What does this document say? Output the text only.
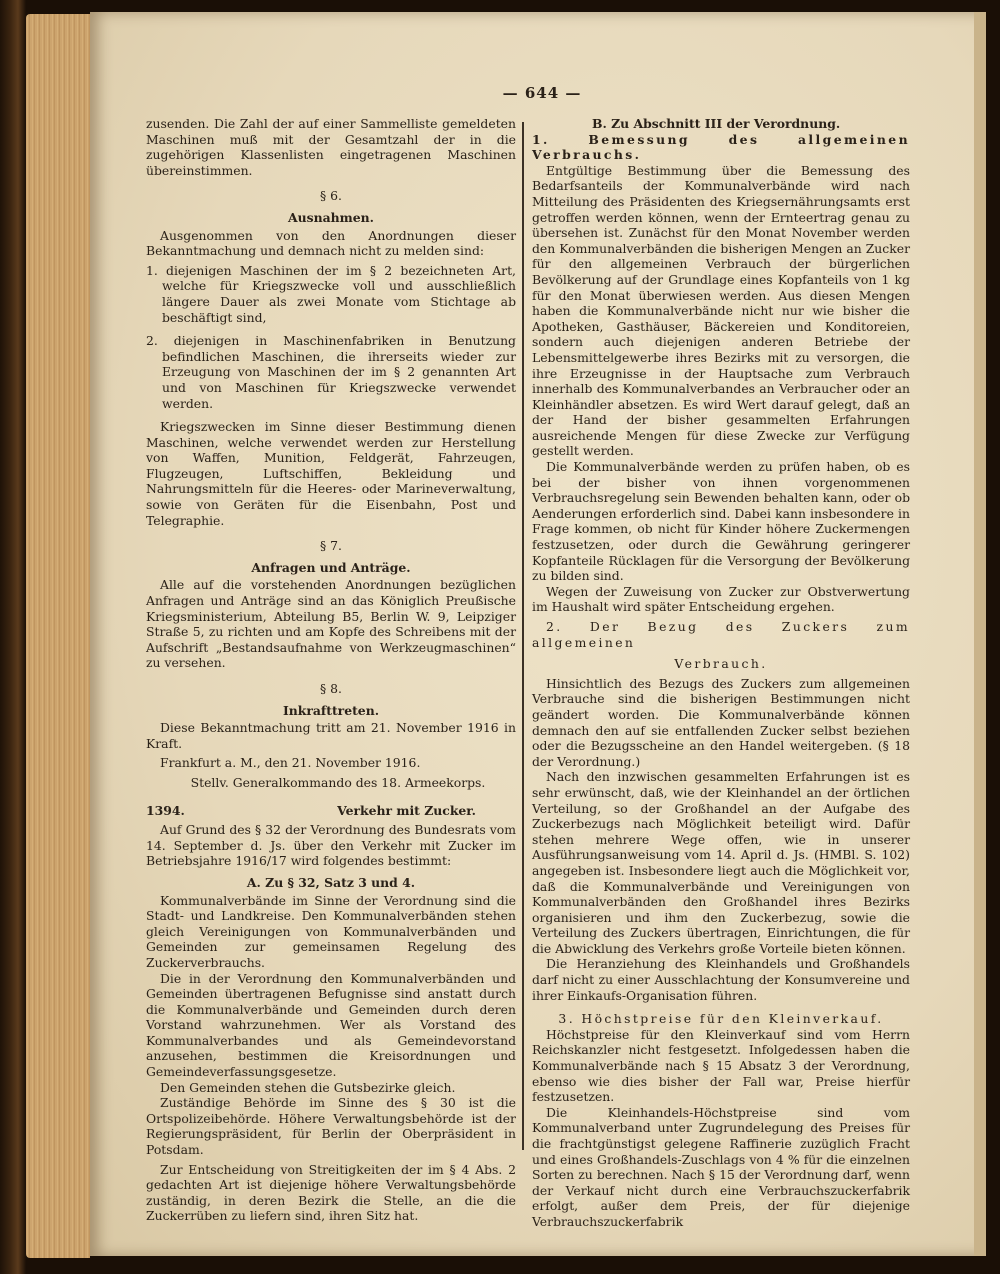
— 644 —

zusenden. Die Zahl der auf einer Sammelliste gemeldeten Maschinen muß mit der Gesamtzahl der in die zugehörigen Klassenlisten eingetragenen Maschinen übereinstimmen.

§ 6.

Ausnahmen.

Ausgenommen von den Anordnungen dieser Bekanntmachung und demnach nicht zu melden sind:

1. diejenigen Maschinen der im § 2 bezeichneten Art, welche für Kriegszwecke voll und ausschließlich längere Dauer als zwei Monate vom Stichtage ab beschäftigt sind,

2. diejenigen in Maschinenfabriken in Benutzung befindlichen Maschinen, die ihrerseits wieder zur Erzeugung von Maschinen der im § 2 genannten Art und von Maschinen für Kriegszwecke verwendet werden.

Kriegszwecken im Sinne dieser Bestimmung dienen Maschinen, welche verwendet werden zur Herstellung von Waffen, Munition, Feldgerät, Fahrzeugen, Flugzeugen, Luftschiffen, Bekleidung und Nahrungsmitteln für die Heeres- oder Marineverwaltung, sowie von Geräten für die Eisenbahn, Post und Telegraphie.

§ 7.

Anfragen und Anträge.

Alle auf die vorstehenden Anordnungen bezüglichen Anfragen und Anträge sind an das Königlich Preußische Kriegsministerium, Abteilung B5, Berlin W. 9, Leipziger Straße 5, zu richten und am Kopfe des Schreibens mit der Aufschrift „Bestandsaufnahme von Werkzeugmaschinen“ zu versehen.

§ 8.

Inkrafttreten.

Diese Bekanntmachung tritt am 21. November 1916 in Kraft.

Frankfurt a. M., den 21. November 1916.

Stellv. Generalkommando des 18. Armeekorps.

1394.	Verkehr mit Zucker.

Auf Grund des § 32 der Verordnung des Bundesrats vom 14. September d. Js. über den Verkehr mit Zucker im Betriebsjahre 1916/17 wird folgendes bestimmt:

A. Zu § 32, Satz 3 und 4.

Kommunalverbände im Sinne der Verordnung sind die Stadt- und Landkreise. Den Kommunalverbänden stehen gleich Vereinigungen von Kommunalverbänden und Gemeinden zur gemeinsamen Regelung des Zuckerverbrauchs.

Die in der Verordnung den Kommunalverbänden und Gemeinden übertragenen Befugnisse sind anstatt durch die Kommunalverbände und Gemeinden durch deren Vorstand wahrzunehmen. Wer als Vorstand des Kommunalverbandes und als Gemeindevorstand anzusehen, bestimmen die Kreisordnungen und Gemeindeverfassungsgesetze.

Den Gemeinden stehen die Gutsbezirke gleich.

Zuständige Behörde im Sinne des § 30 ist die Ortspolizeibehörde. Höhere Verwaltungsbehörde ist der Regierungspräsident, für Berlin der Oberpräsident in Potsdam.

Zur Entscheidung von Streitigkeiten der im § 4 Abs. 2 gedachten Art ist diejenige höhere Verwaltungsbehörde zuständig, in deren Bezirk die Stelle, an die die Zuckerrüben zu liefern sind, ihren Sitz hat.

B. Zu Abschnitt III der Verordnung.

1. Bemessung des allgemeinen Verbrauchs.

Entgültige Bestimmung über die Bemessung des Bedarfsanteils der Kommunalverbände wird nach Mitteilung des Präsidenten des Kriegsernährungsamts erst getroffen werden können, wenn der Ernteertrag genau zu übersehen ist. Zunächst für den Monat November werden den Kommunalverbänden die bisherigen Mengen an Zucker für den allgemeinen Verbrauch der bürgerlichen Bevölkerung auf der Grundlage eines Kopfanteils von 1 kg für den Monat überwiesen werden. Aus diesen Mengen haben die Kommunalverbände nicht nur wie bisher die Apotheken, Gasthäuser, Bäckereien und Konditoreien, sondern auch diejenigen anderen Betriebe der Lebensmittelgewerbe ihres Bezirks mit zu versorgen, die ihre Erzeugnisse in der Hauptsache zum Verbrauch innerhalb des Kommunalverbandes an Verbraucher oder an Kleinhändler absetzen. Es wird Wert darauf gelegt, daß an der Hand der bisher gesammelten Erfahrungen ausreichende Mengen für diese Zwecke zur Verfügung gestellt werden.

Die Kommunalverbände werden zu prüfen haben, ob es bei der bisher von ihnen vorgenommenen Verbrauchsregelung sein Bewenden behalten kann, oder ob Aenderungen erforderlich sind. Dabei kann insbesondere in Frage kommen, ob nicht für Kinder höhere Zuckermengen festzusetzen, oder durch die Gewährung geringerer Kopfanteile Rücklagen für die Versorgung der Bevölkerung zu bilden sind.

Wegen der Zuweisung von Zucker zur Obstverwertung im Haushalt wird später Entscheidung ergehen.

2. Der Bezug des Zuckers zum allgemeinen

Verbrauch.

Hinsichtlich des Bezugs des Zuckers zum allgemeinen Verbrauche sind die bisherigen Bestimmungen nicht geändert worden. Die Kommunalverbände können demnach den auf sie entfallenden Zucker selbst beziehen oder die Bezugsscheine an den Handel weitergeben. (§ 18 der Verordnung.)

Nach den inzwischen gesammelten Erfahrungen ist es sehr erwünscht, daß, wie der Kleinhandel an der örtlichen Verteilung, so der Großhandel an der Aufgabe des Zuckerbezugs nach Möglichkeit beteiligt wird. Dafür stehen mehrere Wege offen, wie in unserer Ausführungsanweisung vom 14. April d. Js. (HMBl. S. 102) angegeben ist. Insbesondere liegt auch die Möglichkeit vor, daß die Kommunalverbände und Vereinigungen von Kommunalverbänden den Großhandel ihres Bezirks organisieren und ihm den Zuckerbezug, sowie die Verteilung des Zuckers übertragen, Einrichtungen, die für die Abwicklung des Verkehrs große Vorteile bieten können.

Die Heranziehung des Kleinhandels und Großhandels darf nicht zu einer Ausschlachtung der Konsumvereine und ihrer Einkaufs-Organisation führen.

3. Höchstpreise für den Kleinverkauf.

Höchstpreise für den Kleinverkauf sind vom Herrn Reichskanzler nicht festgesetzt. Infolgedessen haben die Kommunalverbände nach § 15 Absatz 3 der Verordnung, ebenso wie dies bisher der Fall war, Preise hierfür festzusetzen.

Die Kleinhandels-Höchstpreise sind vom Kommunalverband unter Zugrundelegung des Preises für die frachtgünstigst gelegene Raffinerie zuzüglich Fracht und eines Großhandels-Zuschlags von 4 % für die einzelnen Sorten zu berechnen. Nach § 15 der Verordnung darf, wenn der Verkauf nicht durch eine Verbrauchszuckerfabrik erfolgt, außer dem Preis, der für diejenige Verbrauchszuckerfabrik
